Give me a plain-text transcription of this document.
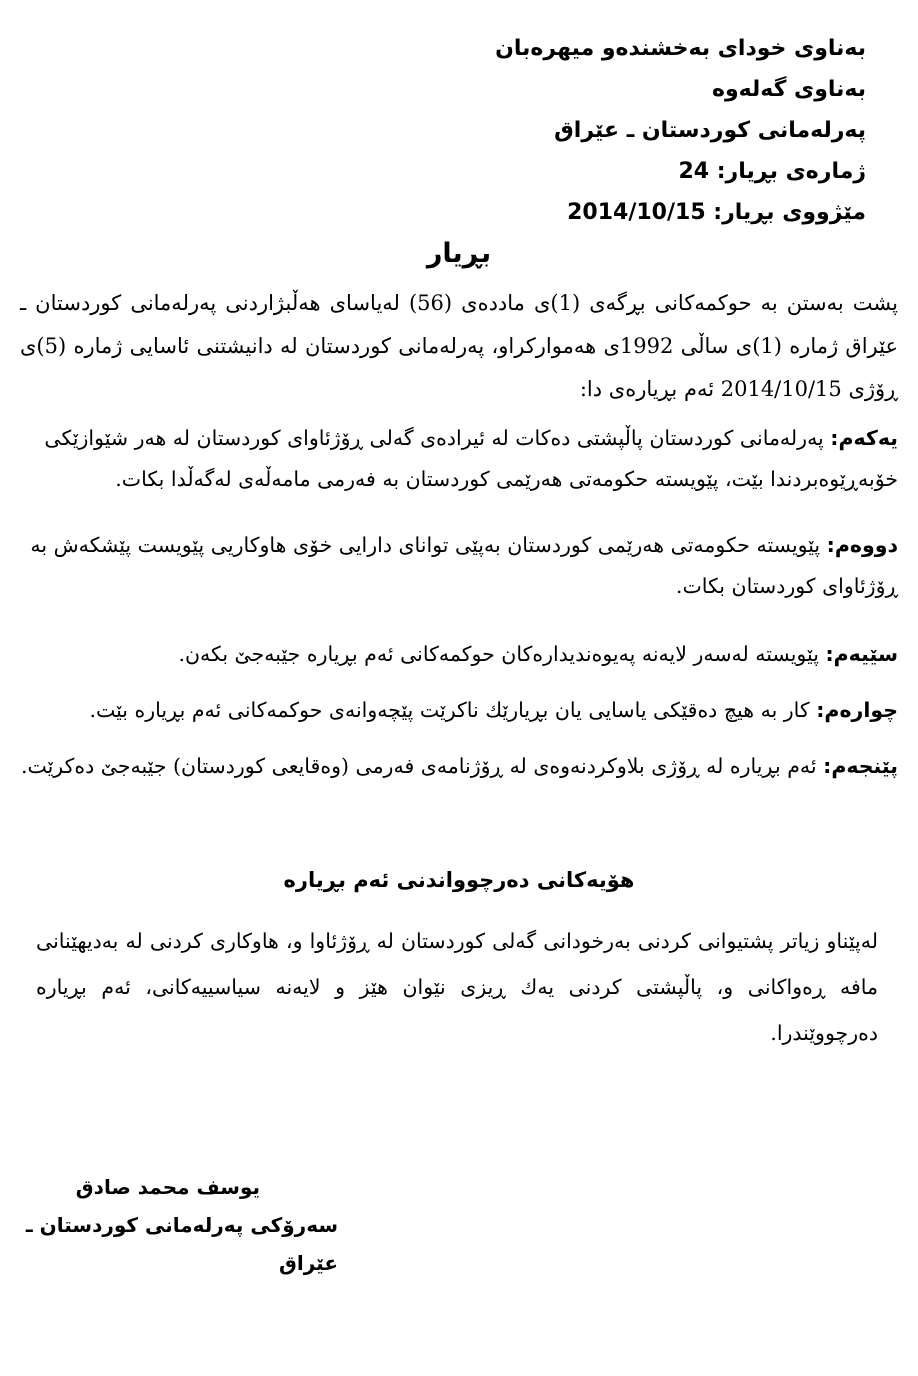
بەناوی خودای بەخشندەو میهرەبان
بەناوی گەلەوە
پەرلەمانی کوردستان ـ عێراق
ژمارەی بڕیار: 24
مێژووی بڕیار: 2014/10/15
بڕیار
پشت بەستن بە حوکمەکانی بڕگەی (1)ی ماددەی (56) لەیاسای هەڵبژاردنی پەرلەمانی کوردستان ـ عێراق ژمارە (1)ی ساڵی 1992ی هەموارکراو، پەرلەمانی کوردستان لە دانیشتنی ئاسایی ژمارە (5)ی ڕۆژی 2014/10/15 ئەم بڕیارەی دا:
یەکەم: پەرلەمانی کوردستان پاڵپشتی دەکات لە ئیرادەی گەلی ڕۆژئاوای کوردستان لە هەر شێوازێکی خۆبەڕێوەبردندا بێت، پێویستە حکومەتی هەرێمی کوردستان بە فەرمی مامەڵەی لەگەڵدا بکات.
دووەم: پێویستە حکومەتی هەرێمی کوردستان بەپێی توانای دارایی خۆی هاوکاریی پێویست پێشکەش بە ڕۆژئاوای کوردستان بکات.
سێیەم: پێویستە لەسەر لایەنە پەیوەندیدارەکان حوکمەکانی ئەم بڕیارە جێبەجێ بکەن.
چوارەم: کار بە هیچ دەقێکی یاسایی یان بڕیارێك ناکرێت پێچەوانەی حوکمەکانی ئەم بڕیارە بێت.
پێنجەم: ئەم بڕیارە لە ڕۆژی بلاوکردنەوەی لە ڕۆژنامەی فەرمی (وەقایعی کوردستان) جێبەجێ دەکرێت.
هۆیەکانی دەرچوواندنی ئەم بڕیارە
لەپێناو زیاتر پشتیوانی کردنی بەرخودانی گەلی کوردستان لە ڕۆژئاوا و، هاوکاری کردنی لە بەدیهێنانی مافە ڕەواکانی و، پاڵپشتی کردنی یەك ڕیزی نێوان هێز و لایەنە سیاسییەکانی، ئەم بڕیارە دەرچووێندرا.
یوسف محمد صادق
سەرۆکی پەرلەمانی کوردستان ـ عێراق
